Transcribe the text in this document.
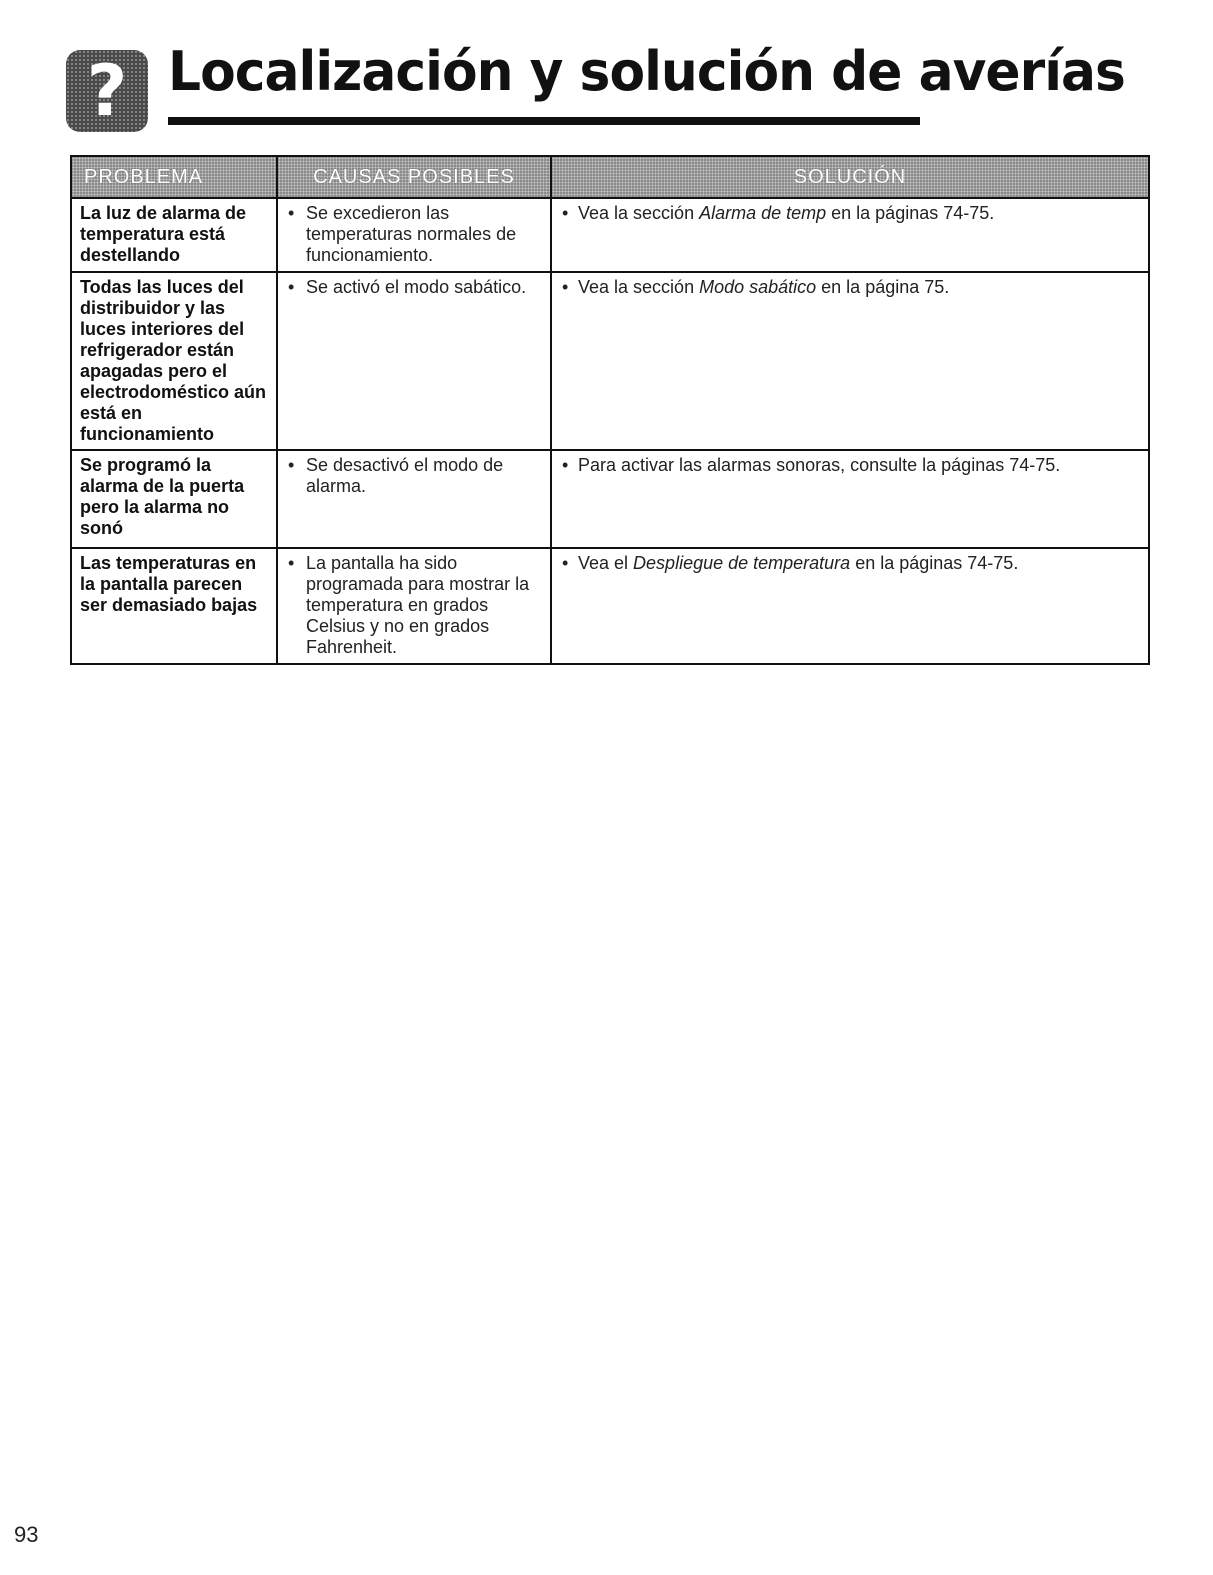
? Localización y solución de averías
PROBLEMA	CAUSAS POSIBLES	SOLUCIÓN
La luz de alarma de temperatura está destellando	• Se excedieron las temperaturas normales de funcionamiento.	• Vea la sección Alarma de temp en la páginas 74-75.

Todas las luces del distribuidor y las luces interiores del refrigerador están apagadas pero el electrodoméstico aún está en funcionamiento	• Se activó el modo sabático.	• Vea la sección Modo sabático en la página 75.

Se programó la alarma de la puerta pero la alarma no sonó	• Se desactivó el modo de alarma.	• Para activar las alarmas sonoras, consulte la páginas 74-75.

Las temperaturas en la pantalla parecen ser demasiado bajas	• La pantalla ha sido programada para mostrar la temperatura en grados Celsius y no en grados Fahrenheit.	• Vea el Despliegue de temperatura en la páginas 74-75.
93
